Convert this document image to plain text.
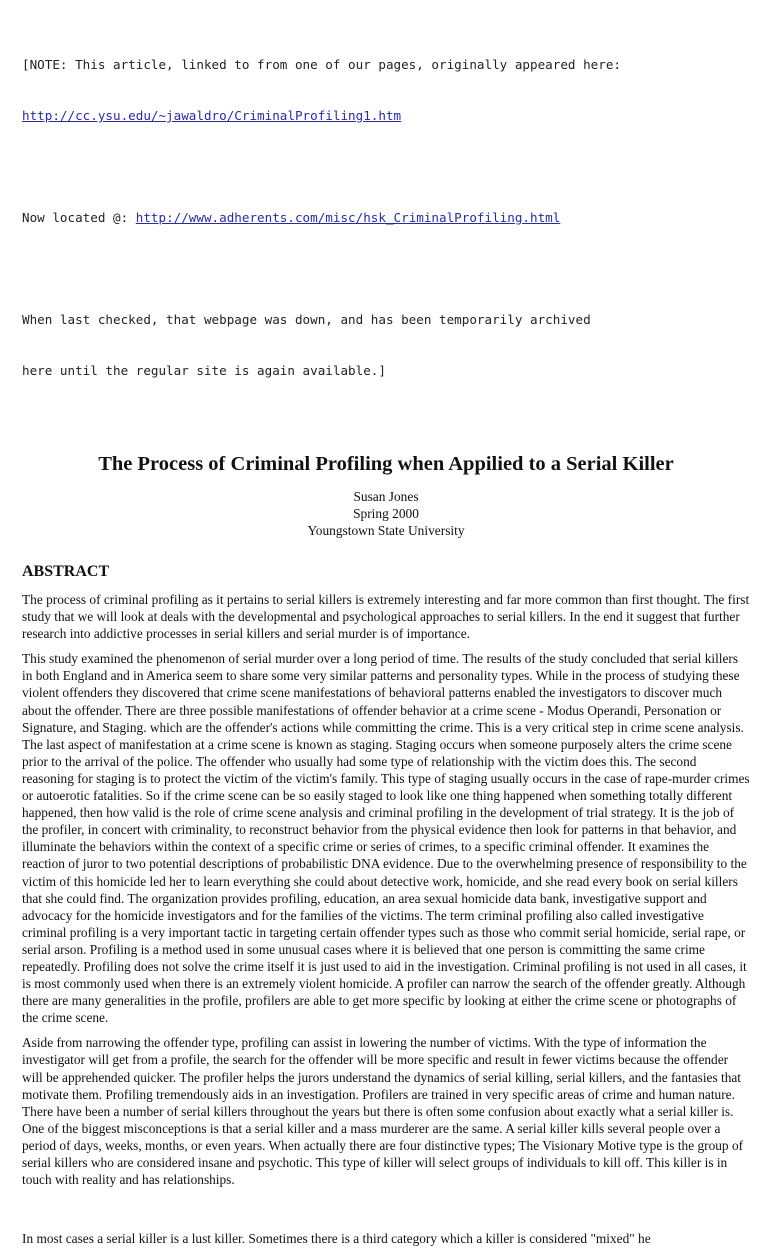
[NOTE: This article, linked to from one of our pages, originally appeared here:

http://cc.ysu.edu/~jawaldro/CriminalProfiling1.htm

Now located @: http://www.adherents.com/misc/hsk_CriminalProfiling.html

When last checked, that webpage was down, and has been temporarily archived

here until the regular site is again available.]

The Process of Criminal Profiling when Appilied to a Serial Killer
Susan Jones
Spring 2000
Youngstown State University
ABSTRACT

The process of criminal profiling as it pertains to serial killers is extremely interesting and far more common than first thought. The first study that we will look at deals with the developmental and psychological approaches to serial killers. In the end it suggest that further research into addictive processes in serial killers and serial murder is of importance.

This study examined the phenomenon of serial murder over a long period of time. The results of the study concluded that serial killers in both England and in America seem to share some very similar patterns and personality types. While in the process of studying these violent offenders they discovered that crime scene manifestations of behavioral patterns enabled the investigators to discover much about the offender. There are three possible manifestations of offender behavior at a crime scene - Modus Operandi, Personation or Signature, and Staging. which are the offender's actions while committing the crime. This is a very critical step in crime scene analysis. The last aspect of manifestation at a crime scene is known as staging. Staging occurs when someone purposely alters the crime scene prior to the arrival of the police. The offender who usually had some type of relationship with the victim does this. The second reasoning for staging is to protect the victim of the victim's family. This type of staging usually occurs in the case of rape-murder crimes or autoerotic fatalities. So if the crime scene can be so easily staged to look like one thing happened when something totally different happened, then how valid is the role of crime scene analysis and criminal profiling in the development of trial strategy. It is the job of the profiler, in concert with criminality, to reconstruct behavior from the physical evidence then look for patterns in that behavior, and illuminate the behaviors within the context of a specific crime or series of crimes, to a specific criminal offender. It examines the reaction of juror to two potential descriptions of probabilistic DNA evidence. Due to the overwhelming presence of responsibility to the victim of this homicide led her to learn everything she could about detective work, homicide, and she read every book on serial killers that she could find. The organization provides profiling, education, an area sexual homicide data bank, investigative support and advocacy for the homicide investigators and for the families of the victims. The term criminal profiling also called investigative criminal profiling is a very important tactic in targeting certain offender types such as those who commit serial homicide, serial rape, or serial arson. Profiling is a method used in some unusual cases where it is believed that one person is committing the same crime repeatedly. Profiling does not solve the crime itself it is just used to aid in the investigation. Criminal profiling is not used in all cases, it is most commonly used when there is an extremely violent homicide. A profiler can narrow the search of the offender greatly. Although there are many generalities in the profile, profilers are able to get more specific by looking at either the crime scene or photographs of the crime scene.

Aside from narrowing the offender type, profiling can assist in lowering the number of victims. With the type of information the investigator will get from a profile, the search for the offender will be more specific and result in fewer victims because the offender will be apprehended quicker. The profiler helps the jurors understand the dynamics of serial killing, serial killers, and the fantasies that motivate them. Profiling tremendously aids in an investigation. Profilers are trained in very specific areas of crime and human nature. There have been a number of serial killers throughout the years but there is often some confusion about exactly what a serial killer is. One of the biggest misconceptions is that a serial killer and a mass murderer are the same. A serial killer kills several people over a period of days, weeks, months, or even years. When actually there are four distinctive types; The Visionary Motive type is the group of serial killers who are considered insane and psychotic. This type of killer will select groups of individuals to kill off. This killer is in touch with reality and has relationships.

In most cases a serial killer is a lust killer. Sometimes there is a third category which a killer is considered "mixed" he
